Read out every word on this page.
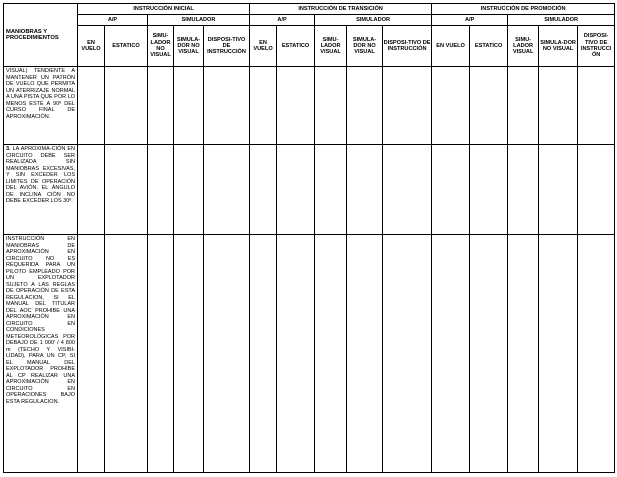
MANIOBRAS Y PROCEDIMIENTOS	INSTRUCCIÓN INICIAL					INSTRUCCIÓN DE TRANSICIÓN					INSTRUCCIÓN DE PROMOCIÓN				
	A/P		SIMULADOR			A/P		SIMULADOR			A/P		SIMULADOR		
	EN VUELO	ESTATICO	SIMU-LADOR NO VISUAL	SIMULA-DOR NO VISUAL	DISPOSI-TIVO DE INSTRUCCIÓN	EN VUELO	ESTATICO	SIMU-LADOR VISUAL	SIMULA-DOR NO VISUAL	DISPOSI-TIVO DE INSTRUCCIÓN	EN VUELO	ESTATICO	SIMU-LADOR VISUAL	SIMULA-DOR NO VISUAL	DISPOSI-TIVO DE INSTRUCCI ÓN
VISUAL) TENDIENTE A MANTENER UN PATRÓN DE VUELO QUE PERMITA UN ATERRIZAJE NORMAL A UNA PISTA QUE POR LO MENOS ESTE A 90º DEL CURSO FINAL DE APROXIMACIÓN.															
3. LA APROXIMA-CIÓN EN CIRCUITO DEBE SER REALIZADA SIN MANIOBRAS EXCESIVAS, Y SIN EXCEDER LOS LIMITES DE OPERACIÓN DEL AVIÓN. EL ÁNGULO DE INCLINA CIÓN NO DEBE EXCEDER LOS 30º.															
INSTRUCCIÓN EN MANIOBRAS DE APROXIMACIÓN EN CIRCUITO NO ES REQUERIDA PARA UN PILOTO EMPLEADO POR UN EXPLOTADOR SUJETO A LAS REGLAS DE OPERACIÓN DE ESTA REGULACION, SI EL MANUAL DEL TITULAR DEL AOC PROHÍBE UNA APROXIMACIÓN EN CIRCUITO EN CONDICIONES METEOROLÓGICAS POR DEBAJO DE 1 000' / 4 800 m (TECHO Y VISIBI-LIDAD), PARA UN CP, SI EL MANUAL DEL EXPLOTADOR PROHÍBE AL CP REALIZAR UNA APROXIMACIÓN EN CIRCUITO EN OPERACIONES BAJO ESTA REGULACION.															
